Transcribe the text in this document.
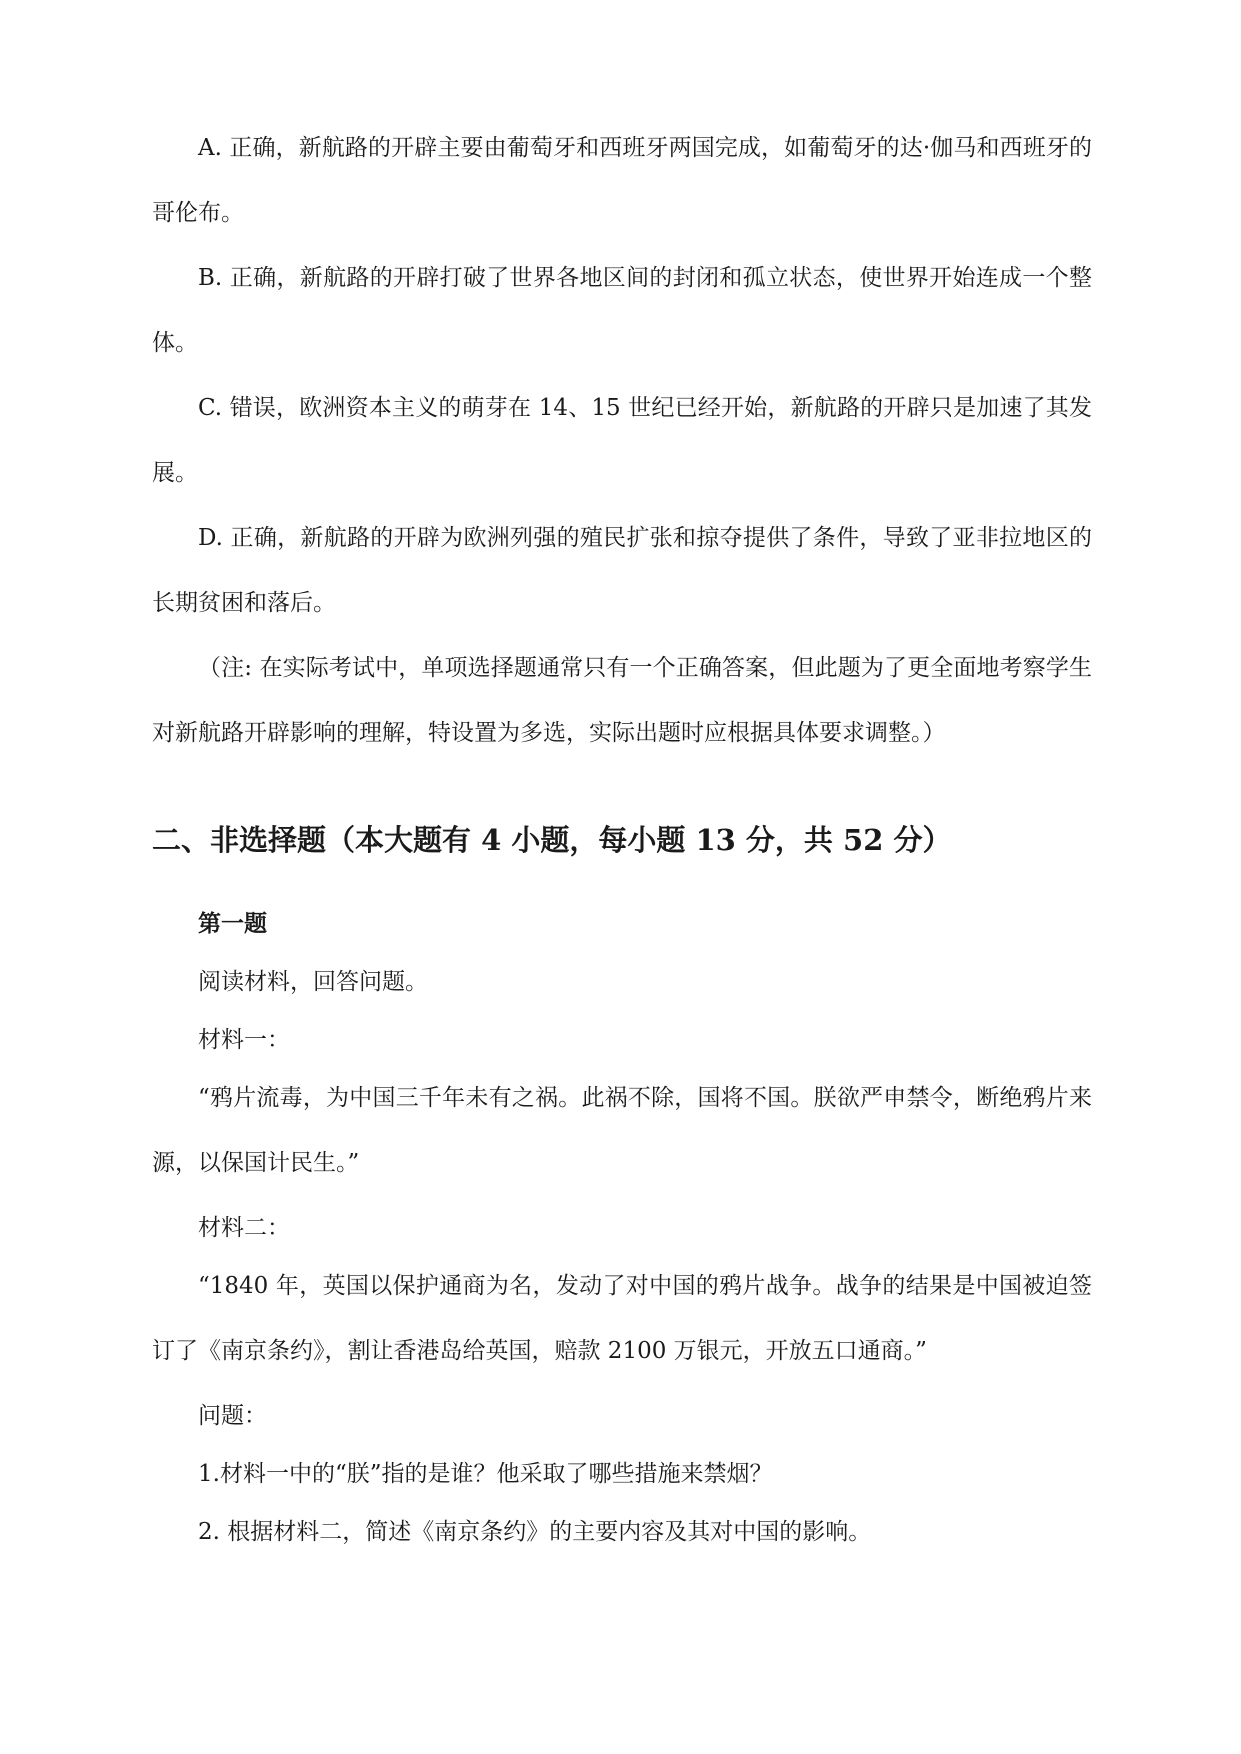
A. 正确，新航路的开辟主要由葡萄牙和西班牙两国完成，如葡萄牙的达·伽马和西班牙的哥伦布。

B. 正确，新航路的开辟打破了世界各地区间的封闭和孤立状态，使世界开始连成一个整体。

C. 错误，欧洲资本主义的萌芽在 14、15 世纪已经开始，新航路的开辟只是加速了其发展。

D. 正确，新航路的开辟为欧洲列强的殖民扩张和掠夺提供了条件，导致了亚非拉地区的长期贫困和落后。

（注: 在实际考试中，单项选择题通常只有一个正确答案，但此题为了更全面地考察学生对新航路开辟影响的理解，特设置为多选，实际出题时应根据具体要求调整。）

二、非选择题（本大题有 4 小题，每小题 13 分，共 52 分）
第一题

阅读材料，回答问题。

材料一：

“鸦片流毒，为中国三千年未有之祸。此祸不除，国将不国。朕欲严申禁令，断绝鸦片来源，以保国计民生。”

材料二：

“1840 年，英国以保护通商为名，发动了对中国的鸦片战争。战争的结果是中国被迫签订了《南京条约》，割让香港岛给英国，赔款 2100 万银元，开放五口通商。”

问题：

1.材料一中的“朕”指的是谁？他采取了哪些措施来禁烟？

2. 根据材料二，简述《南京条约》的主要内容及其对中国的影响。
